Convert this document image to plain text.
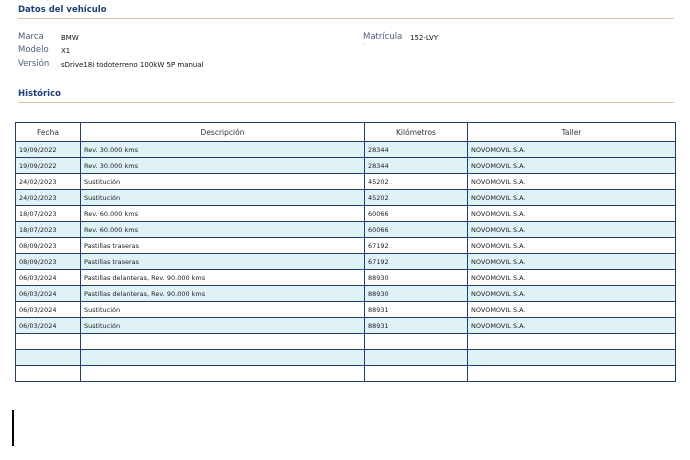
Datos del vehículo
Marca BMW
Modelo X1
Versión sDrive18i todoterreno 100kW 5P manual
Matrícula 152-LVY
·
Histórico
Fecha	Descripción	Kilómetros	Taller
19/09/2022	Rev. 30.000 kms	28344	NOVOMOVIL S.A.
19/09/2022	Rev. 30.000 kms	28344	NOVOMOVIL S.A.
24/02/2023	Sustitución	45202	NOVOMOVIL S.A.
24/02/2023	Sustitución	45202	NOVOMOVIL S.A.
18/07/2023	Rev. 60.000 kms	60066	NOVOMOVIL S.A.
18/07/2023	Rev. 60.000 kms	60066	NOVOMOVIL S.A.
08/09/2023	Pastillas traseras	67192	NOVOMOVIL S.A.
08/09/2023	Pastillas traseras	67192	NOVOMOVIL S.A.
06/03/2024	Pastillas delanteras, Rev. 90.000 kms	88930	NOVOMOVIL S.A.
06/03/2024	Pastillas delanteras, Rev. 90.000 kms	88930	NOVOMOVIL S.A.
06/03/2024	Sustitución	88931	NOVOMOVIL S.A.
06/03/2024	Sustitución	88931	NOVOMOVIL S.A.
